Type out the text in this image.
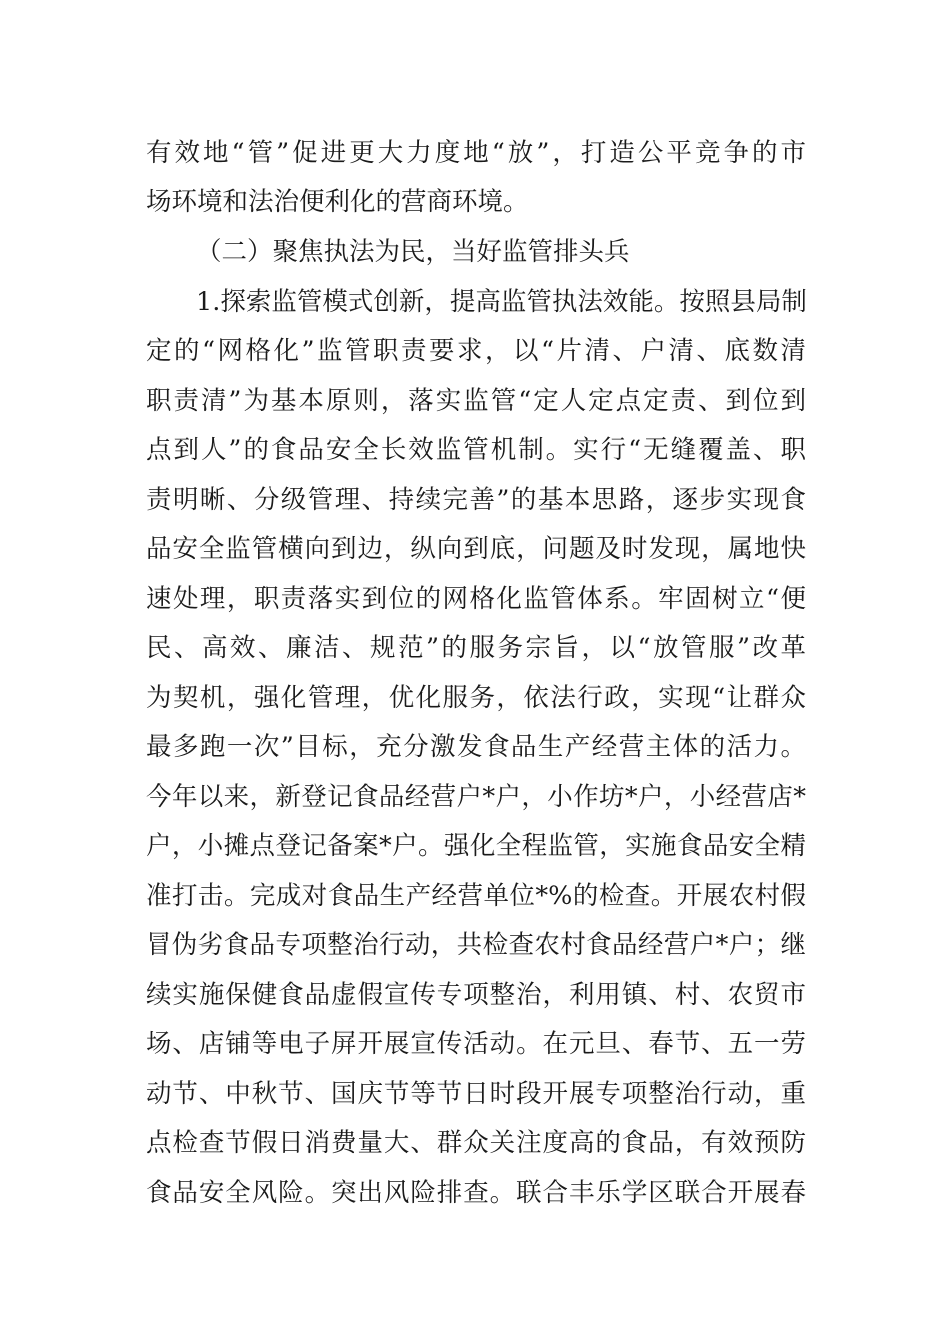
有效地“管”促进更大力度地“放”，打造公平竞争的市
场环境和法治便利化的营商环境。
（二）聚焦执法为民，当好监管排头兵
1.探索监管模式创新，提高监管执法效能。按照县局制
定的“网格化”监管职责要求，以“片清、户清、底数清
职责清”为基本原则，落实监管“定人定点定责、到位到
点到人”的食品安全长效监管机制。实行“无缝覆盖、职
责明晰、分级管理、持续完善”的基本思路，逐步实现食
品安全监管横向到边，纵向到底，问题及时发现，属地快
速处理，职责落实到位的网格化监管体系。牢固树立“便
民、高效、廉洁、规范”的服务宗旨，以“放管服”改革
为契机，强化管理，优化服务，依法行政，实现“让群众
最多跑一次”目标，充分激发食品生产经营主体的活力。
今年以来，新登记食品经营户*户，小作坊*户，小经营店*
户，小摊点登记备案*户。强化全程监管，实施食品安全精
准打击。完成对食品生产经营单位*%的检查。开展农村假
冒伪劣食品专项整治行动，共检查农村食品经营户*户；继
续实施保健食品虚假宣传专项整治，利用镇、村、农贸市
场、店铺等电子屏开展宣传活动。在元旦、春节、五一劳
动节、中秋节、国庆节等节日时段开展专项整治行动，重
点检查节假日消费量大、群众关注度高的食品，有效预防
食品安全风险。突出风险排查。联合丰乐学区联合开展春
